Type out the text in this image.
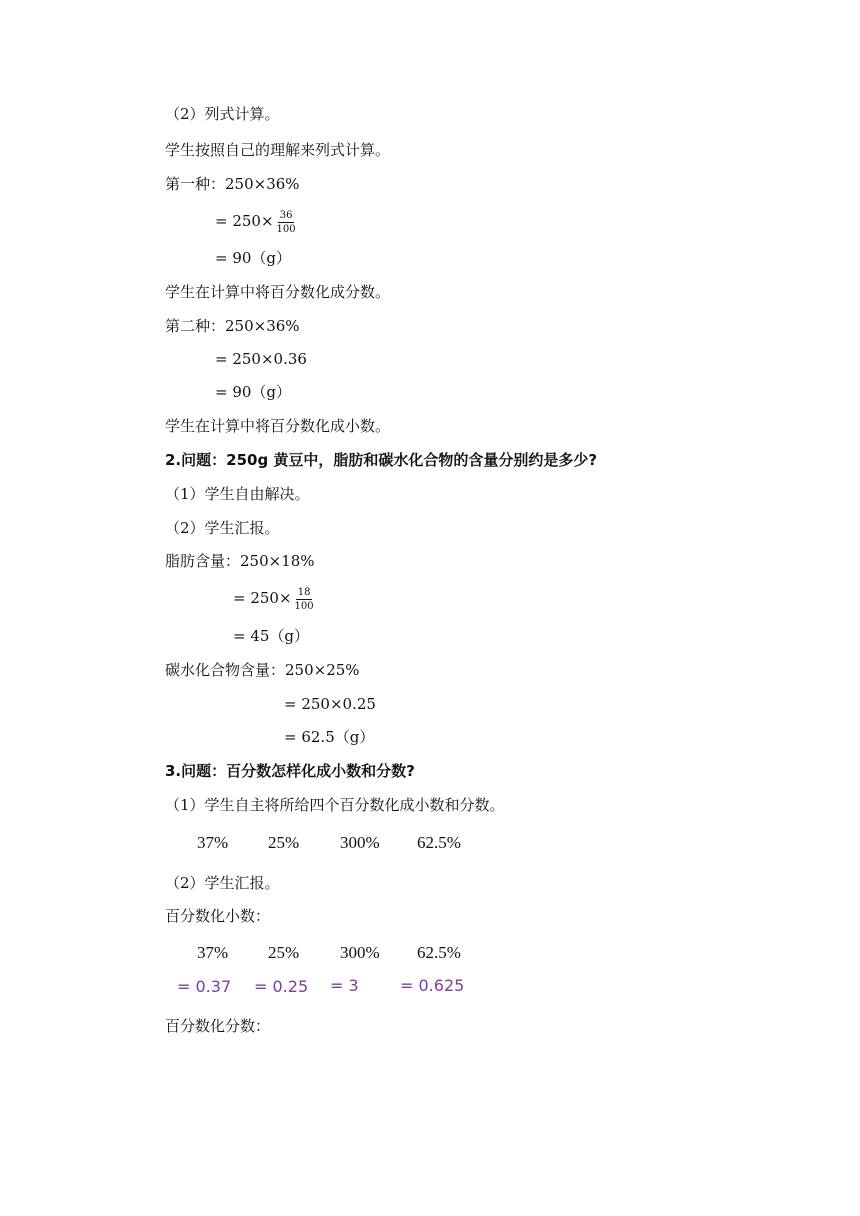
（2）列式计算。
学生按照自己的理解来列式计算。
第一种：250×36%
= $250\times \frac{36}{100}$
= 90（g）
学生在计算中将百分数化成分数。
第二种：250×36%
= 250×0.36
= 90（g）
学生在计算中将百分数化成小数。
2.问题：250g 黄豆中，脂肪和碳水化合物的含量分别约是多少?
（1）学生自由解决。
（2）学生汇报。
脂肪含量：250×18%
= $250\times \frac{18}{100}$
= 45（g）
碳水化合物含量：250×25%
= 250×0.25
= 62.5（g）
3.问题：百分数怎样化成小数和分数?
（1）学生自主将所给四个百分数化成小数和分数。
37% 25% 300% 62.5%
（2）学生汇报。
百分数化小数：
37% 25% 300% 62.5%
= 0.37 = 0.25 = 3	= 0.625
百分数化分数：
